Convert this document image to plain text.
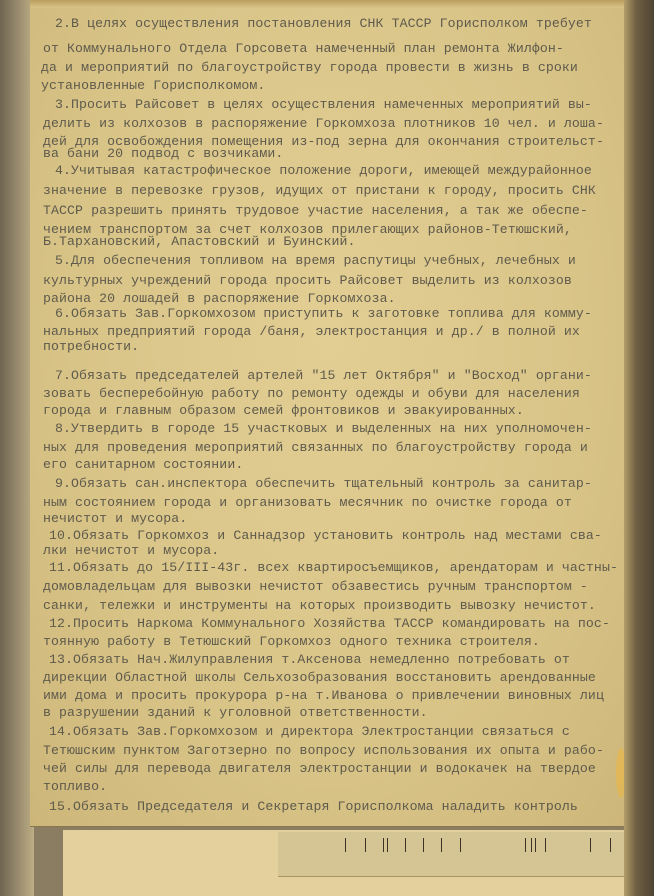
2.В целях осуществления постановления СНК ТАССР Горисполком требует
от Коммунального Отдела Горсовета намеченный план ремонта Жилфон-
да и мероприятий по благоустройству города провести в жизнь в сроки
установленные Горисполкомом.
3.Просить Райсовет в целях осуществления намеченных мероприятий вы-
делить из колхозов в распоряжение Горкомхоза плотников 10 чел. и лоша-
дей для освобождения помещения из-под зерна для окончания строительст-
ва бани 20 подвод с возчиками.
4.Учитывая катастрофическое положение дороги, имеющей междурайонное
значение в перевозке грузов, идущих от пристани к городу, просить СНК
ТАССР разрешить принять трудовое участие населения, а так же обеспе-
чением транспортом за счет колхозов прилегающих районов-Тетюшский,
Б.Тархановский, Апастовский и Буинский.
5.Для обеспечения топливом на время распутицы учебных, лечебных и
культурных учреждений города просить Райсовет выделить из колхозов
района 20 лошадей в распоряжение Горкомхоза.
6.Обязать Зав.Горкомхозом приступить к заготовке топлива для комму-
нальных предприятий города /баня, электростанция и др./ в полной их
потребности.
7.Обязать председателей артелей "15 лет Октября" и "Восход" органи-
зовать бесперебойную работу по ремонту одежды и обуви для населения
города и главным образом семей фронтовиков и эвакуированных.
8.Утвердить в городе 15 участковых и выделенных на них уполномочен-
ных для проведения мероприятий связанных по благоустройству города и
его санитарном состоянии.
9.Обязать сан.инспектора обеспечить тщательный контроль за санитар-
ным состоянием города и организовать месячник по очистке города от
нечистот и мусора.
10.Обязать Горкомхоз и Саннадзор установить контроль над местами сва-
лки нечистот и мусора.
11.Обязать до 15/III-43г. всех квартиросъемщиков, арендаторам и частны-
домовладельцам для вывозки нечистот обзавестись ручным транспортом -
санки, тележки и инструменты на которых производить вывозку нечистот.
12.Просить Наркома Коммунального Хозяйства ТАССР командировать на пос-
тоянную работу в Тетюшский Горкомхоз одного техника строителя.
13.Обязать Нач.Жилуправления т.Аксенова немедленно потребовать от
дирекции Областной школы Сельхозобразования восстановить арендованные
ими дома и просить прокурора р-на т.Иванова о привлечении виновных лиц
в разрушении зданий к уголовной ответственности.
14.Обязать Зав.Горкомхозом и директора Электростанции связаться с
Тетюшским пунктом Заготзерно по вопросу использования их опыта и рабо-
чей силы для перевода двигателя электростанции и водокачек на твердое
топливо.
15.Обязать Председателя и Секретаря Горисполкома наладить контроль
